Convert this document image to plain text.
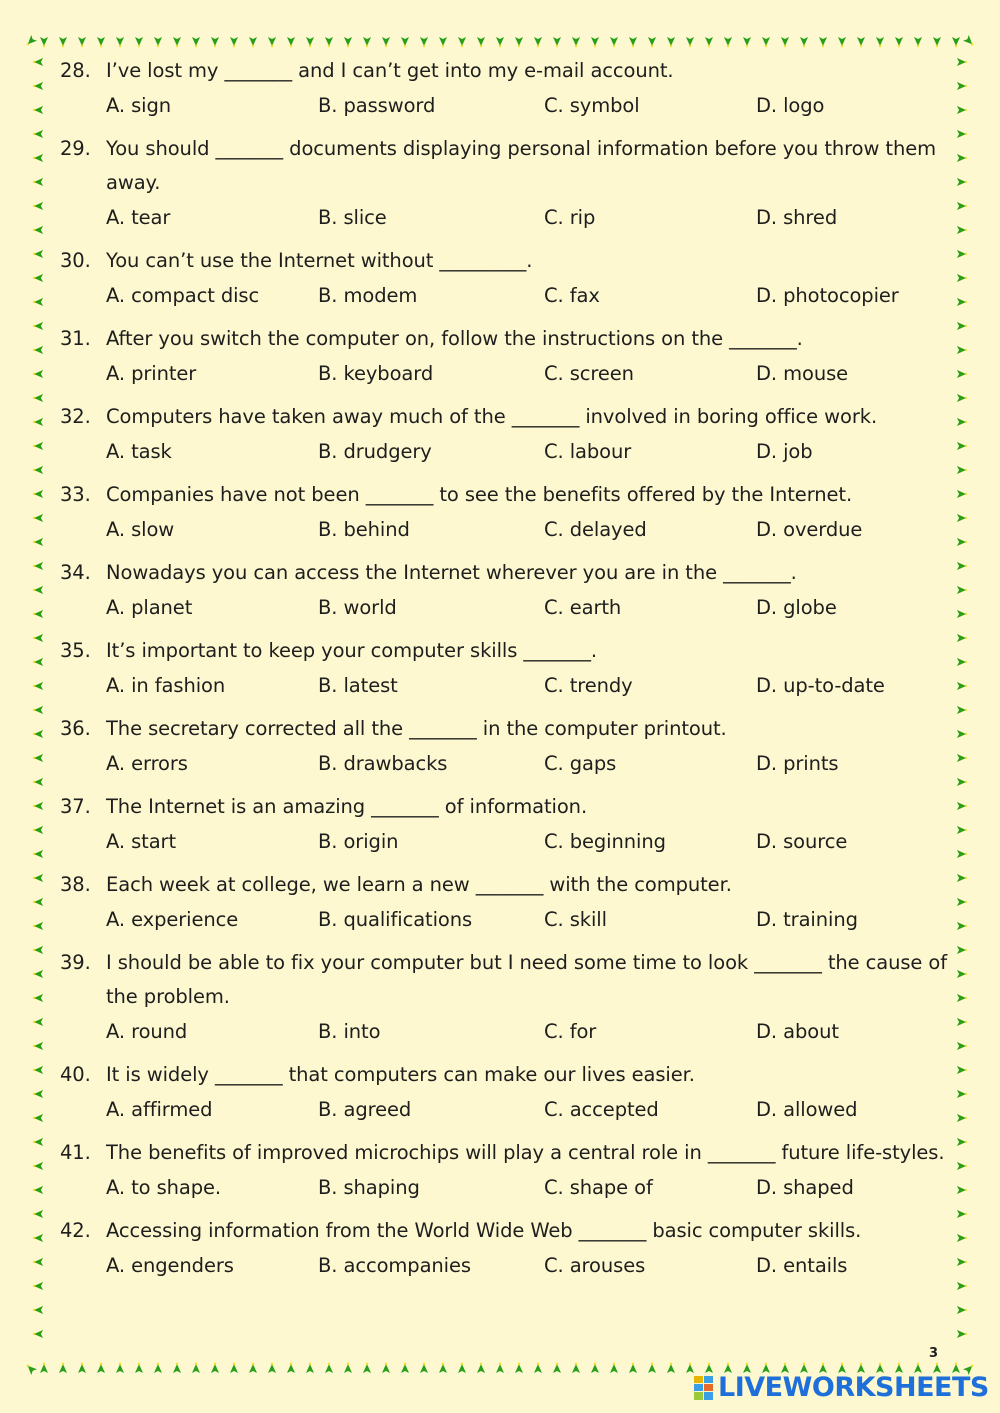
28. I’ve lost my _______ and I can’t get into my e-mail account.
A. sign	B. password	C. symbol	D. logo
29. You should _______ documents displaying personal information before you throw them away.
A. tear	B. slice	C. rip	D. shred
30. You can’t use the Internet without _________.
A. compact disc	B. modem	C. fax	D. photocopier
31. After you switch the computer on, follow the instructions on the _______.
A. printer	B. keyboard	C. screen	D. mouse
32. Computers have taken away much of the _______ involved in boring office work.
A. task	B. drudgery	C. labour	D. job
33. Companies have not been _______ to see the benefits offered by the Internet.
A. slow	B. behind	C. delayed	D. overdue
34. Nowadays you can access the Internet wherever you are in the _______.
A. planet	B. world	C. earth	D. globe
35. It’s important to keep your computer skills _______.
A. in fashion	B. latest	C. trendy	D. up-to-date
36. The secretary corrected all the _______ in the computer printout.
A. errors	B. drawbacks	C. gaps	D. prints
37. The Internet is an amazing _______ of information.
A. start	B. origin	C. beginning	D. source
38. Each week at college, we learn a new _______ with the computer.
A. experience	B. qualifications	C. skill	D. training
39. I should be able to fix your computer but I need some time to look _______ the cause of the problem.
A. round	B. into	C. for	D. about
40. It is widely _______ that computers can make our lives easier.
A. affirmed	B. agreed	C. accepted	D. allowed
41. The benefits of improved microchips will play a central role in _______ future life-styles.
A. to shape.	B. shaping	C. shape of	D. shaped
42. Accessing information from the World Wide Web _______ basic computer skills.
A. engenders	B. accompanies	C. arouses	D. entails
3
LIVEWORKSHEETS
